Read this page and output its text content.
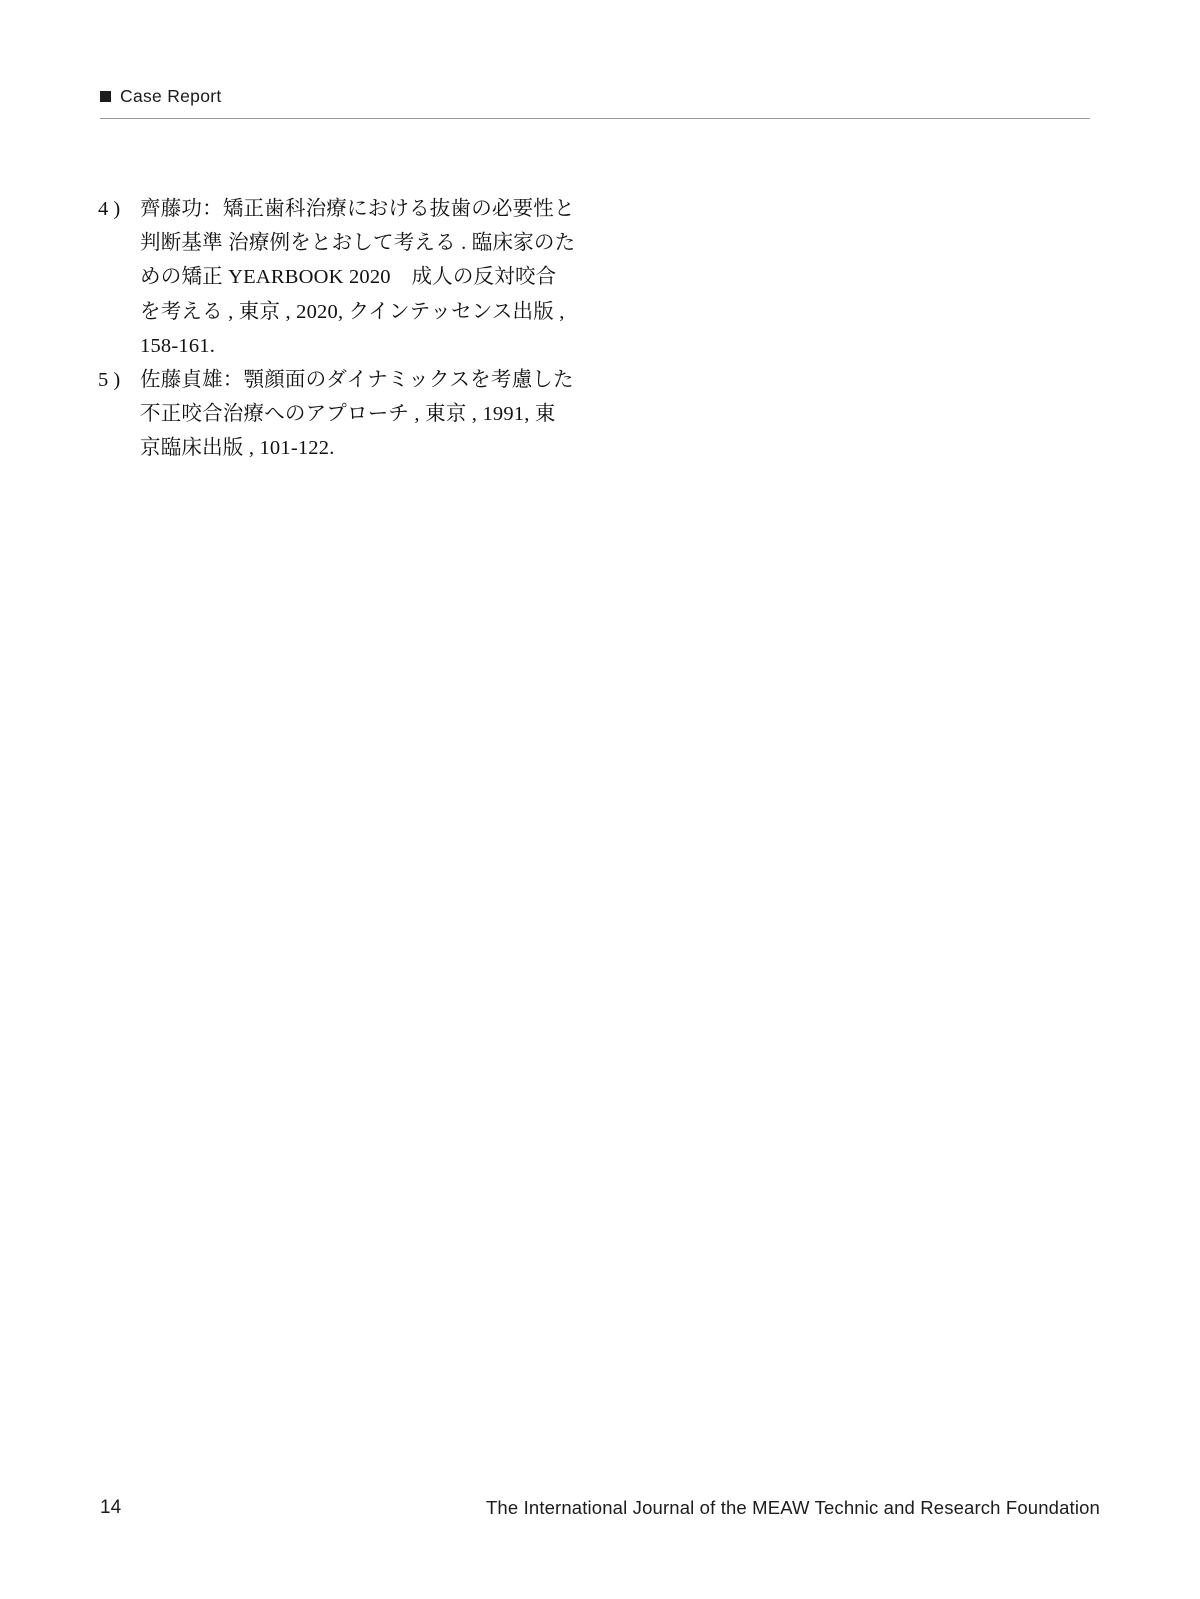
Case Report
4 ) 齊藤功：矯正歯科治療における抜歯の必要性と
判断基準 治療例をとおして考える . 臨床家のた
めの矯正 YEARBOOK 2020　成人の反対咬合
を考える , 東京 , 2020, クインテッセンス出版 ,
158-161.
5 ) 佐藤貞雄：顎顔面のダイナミックスを考慮した
不正咬合治療へのアプローチ , 東京 , 1991, 東
京臨床出版 , 101-122.
14	The International Journal of the MEAW Technic and Research Foundation
